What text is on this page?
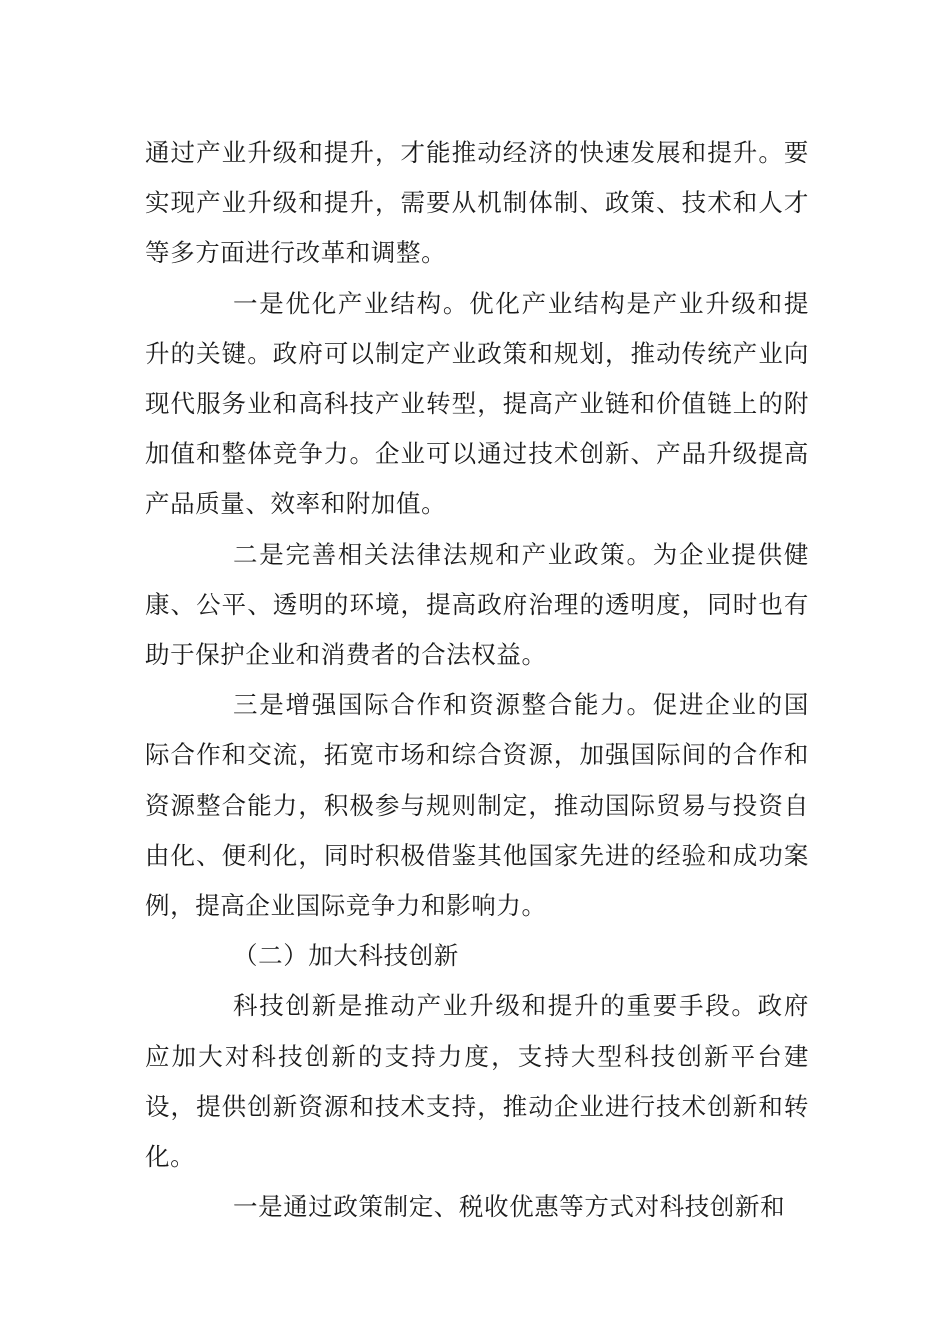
通过产业升级和提升，才能推动经济的快速发展和提升。要实现产业升级和提升，需要从机制体制、政策、技术和人才等多方面进行改革和调整。

一是优化产业结构。优化产业结构是产业升级和提升的关键。政府可以制定产业政策和规划，推动传统产业向现代服务业和高科技产业转型，提高产业链和价值链上的附加值和整体竞争力。企业可以通过技术创新、产品升级提高产品质量、效率和附加值。

二是完善相关法律法规和产业政策。为企业提供健康、公平、透明的环境，提高政府治理的透明度，同时也有助于保护企业和消费者的合法权益。

三是增强国际合作和资源整合能力。促进企业的国际合作和交流，拓宽市场和综合资源，加强国际间的合作和资源整合能力，积极参与规则制定，推动国际贸易与投资自由化、便利化，同时积极借鉴其他国家先进的经验和成功案例，提高企业国际竞争力和影响力。

（二）加大科技创新

科技创新是推动产业升级和提升的重要手段。政府应加大对科技创新的支持力度，支持大型科技创新平台建设，提供创新资源和技术支持，推动企业进行技术创新和转化。

一是通过政策制定、税收优惠等方式对科技创新和
